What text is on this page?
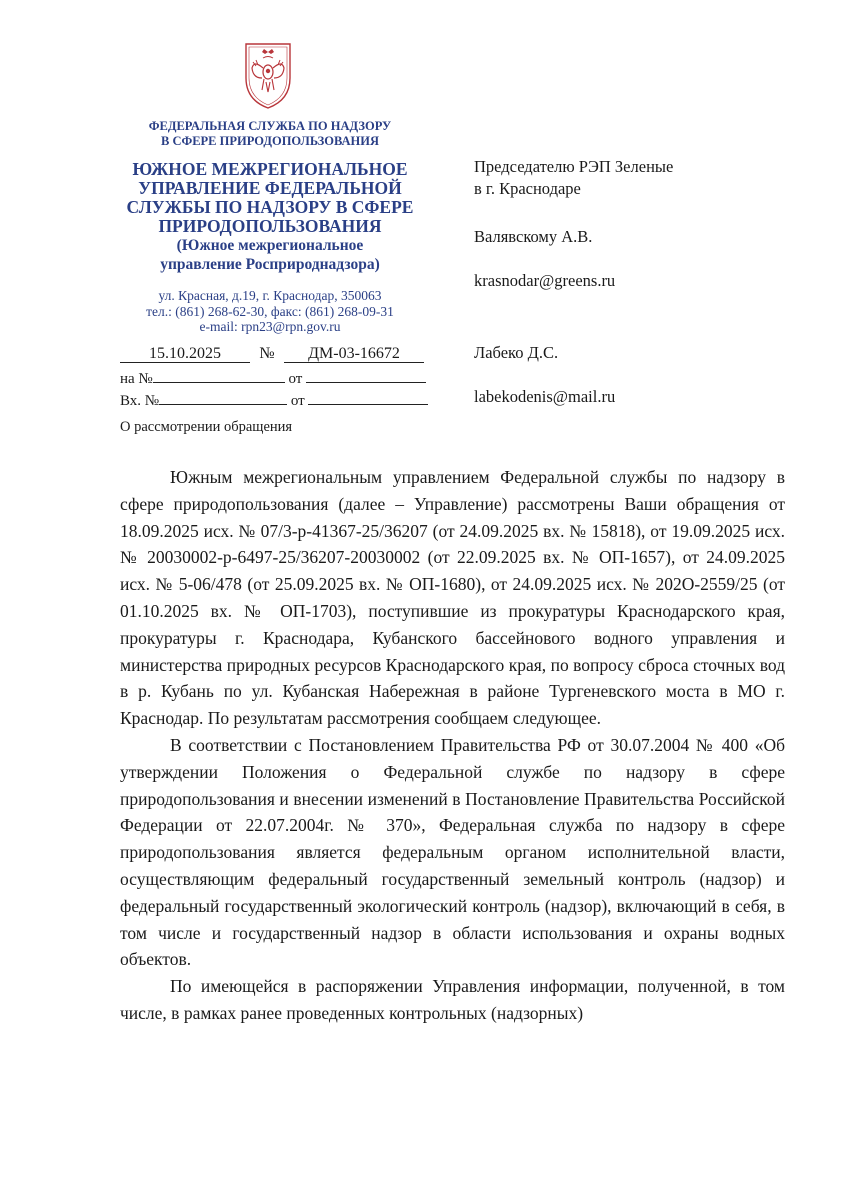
ФЕДЕРАЛЬНАЯ СЛУЖБА ПО НАДЗОРУ
В СФЕРЕ ПРИРОДОПОЛЬЗОВАНИЯ
ЮЖНОЕ МЕЖРЕГИОНАЛЬНОЕ
УПРАВЛЕНИЕ ФЕДЕРАЛЬНОЙ
СЛУЖБЫ ПО НАДЗОРУ В СФЕРЕ
ПРИРОДОПОЛЬЗОВАНИЯ
(Южное межрегиональное
управление Росприроднадзора)
ул. Красная, д.19, г. Краснодар, 350063
тел.: (861) 268-62-30, факс: (861) 268-09-31
e-mail: rpn23@rpn.gov.ru
15.10.2025 № ДМ-03-16672
на №	от
Вх. №	от
О рассмотрении обращения
Председателю РЭП Зеленые
в г. Краснодаре
Валявскому А.В.
krasnodar@greens.ru
Лабеко Д.С.
labekodenis@mail.ru

Южным межрегиональным управлением Федеральной службы по надзору в сфере природопользования (далее – Управление) рассмотрены Ваши обращения от 18.09.2025 исх. № 07/3-р-41367-25/36207 (от 24.09.2025 вх. № 15818), от 19.09.2025 исх. № 20030002-р-6497-25/36207-20030002 (от 22.09.2025 вх. № ОП-1657), от 24.09.2025 исх. № 5-06/478 (от 25.09.2025 вх. № ОП-1680), от 24.09.2025 исх. № 202О-2559/25 (от 01.10.2025 вх. № ОП-1703), поступившие из прокуратуры Краснодарского края, прокуратуры г. Краснодара, Кубанского бассейнового водного управления и министерства природных ресурсов Краснодарского края, по вопросу сброса сточных вод в р. Кубань по ул. Кубанская Набережная в районе Тургеневского моста в МО г. Краснодар. По результатам рассмотрения сообщаем следующее.

В соответствии с Постановлением Правительства РФ от 30.07.2004 № 400 «Об утверждении Положения о Федеральной службе по надзору в сфере природопользования и внесении изменений в Постановление Правительства Российской Федерации от 22.07.2004г. № 370», Федеральная служба по надзору в сфере природопользования является федеральным органом исполнительной власти, осуществляющим федеральный государственный земельный контроль (надзор) и федеральный государственный экологический контроль (надзор), включающий в себя, в том числе и государственный надзор в области использования и охраны водных объектов.

По имеющейся в распоряжении Управления информации, полученной, в том числе, в рамках ранее проведенных контрольных (надзорных)
